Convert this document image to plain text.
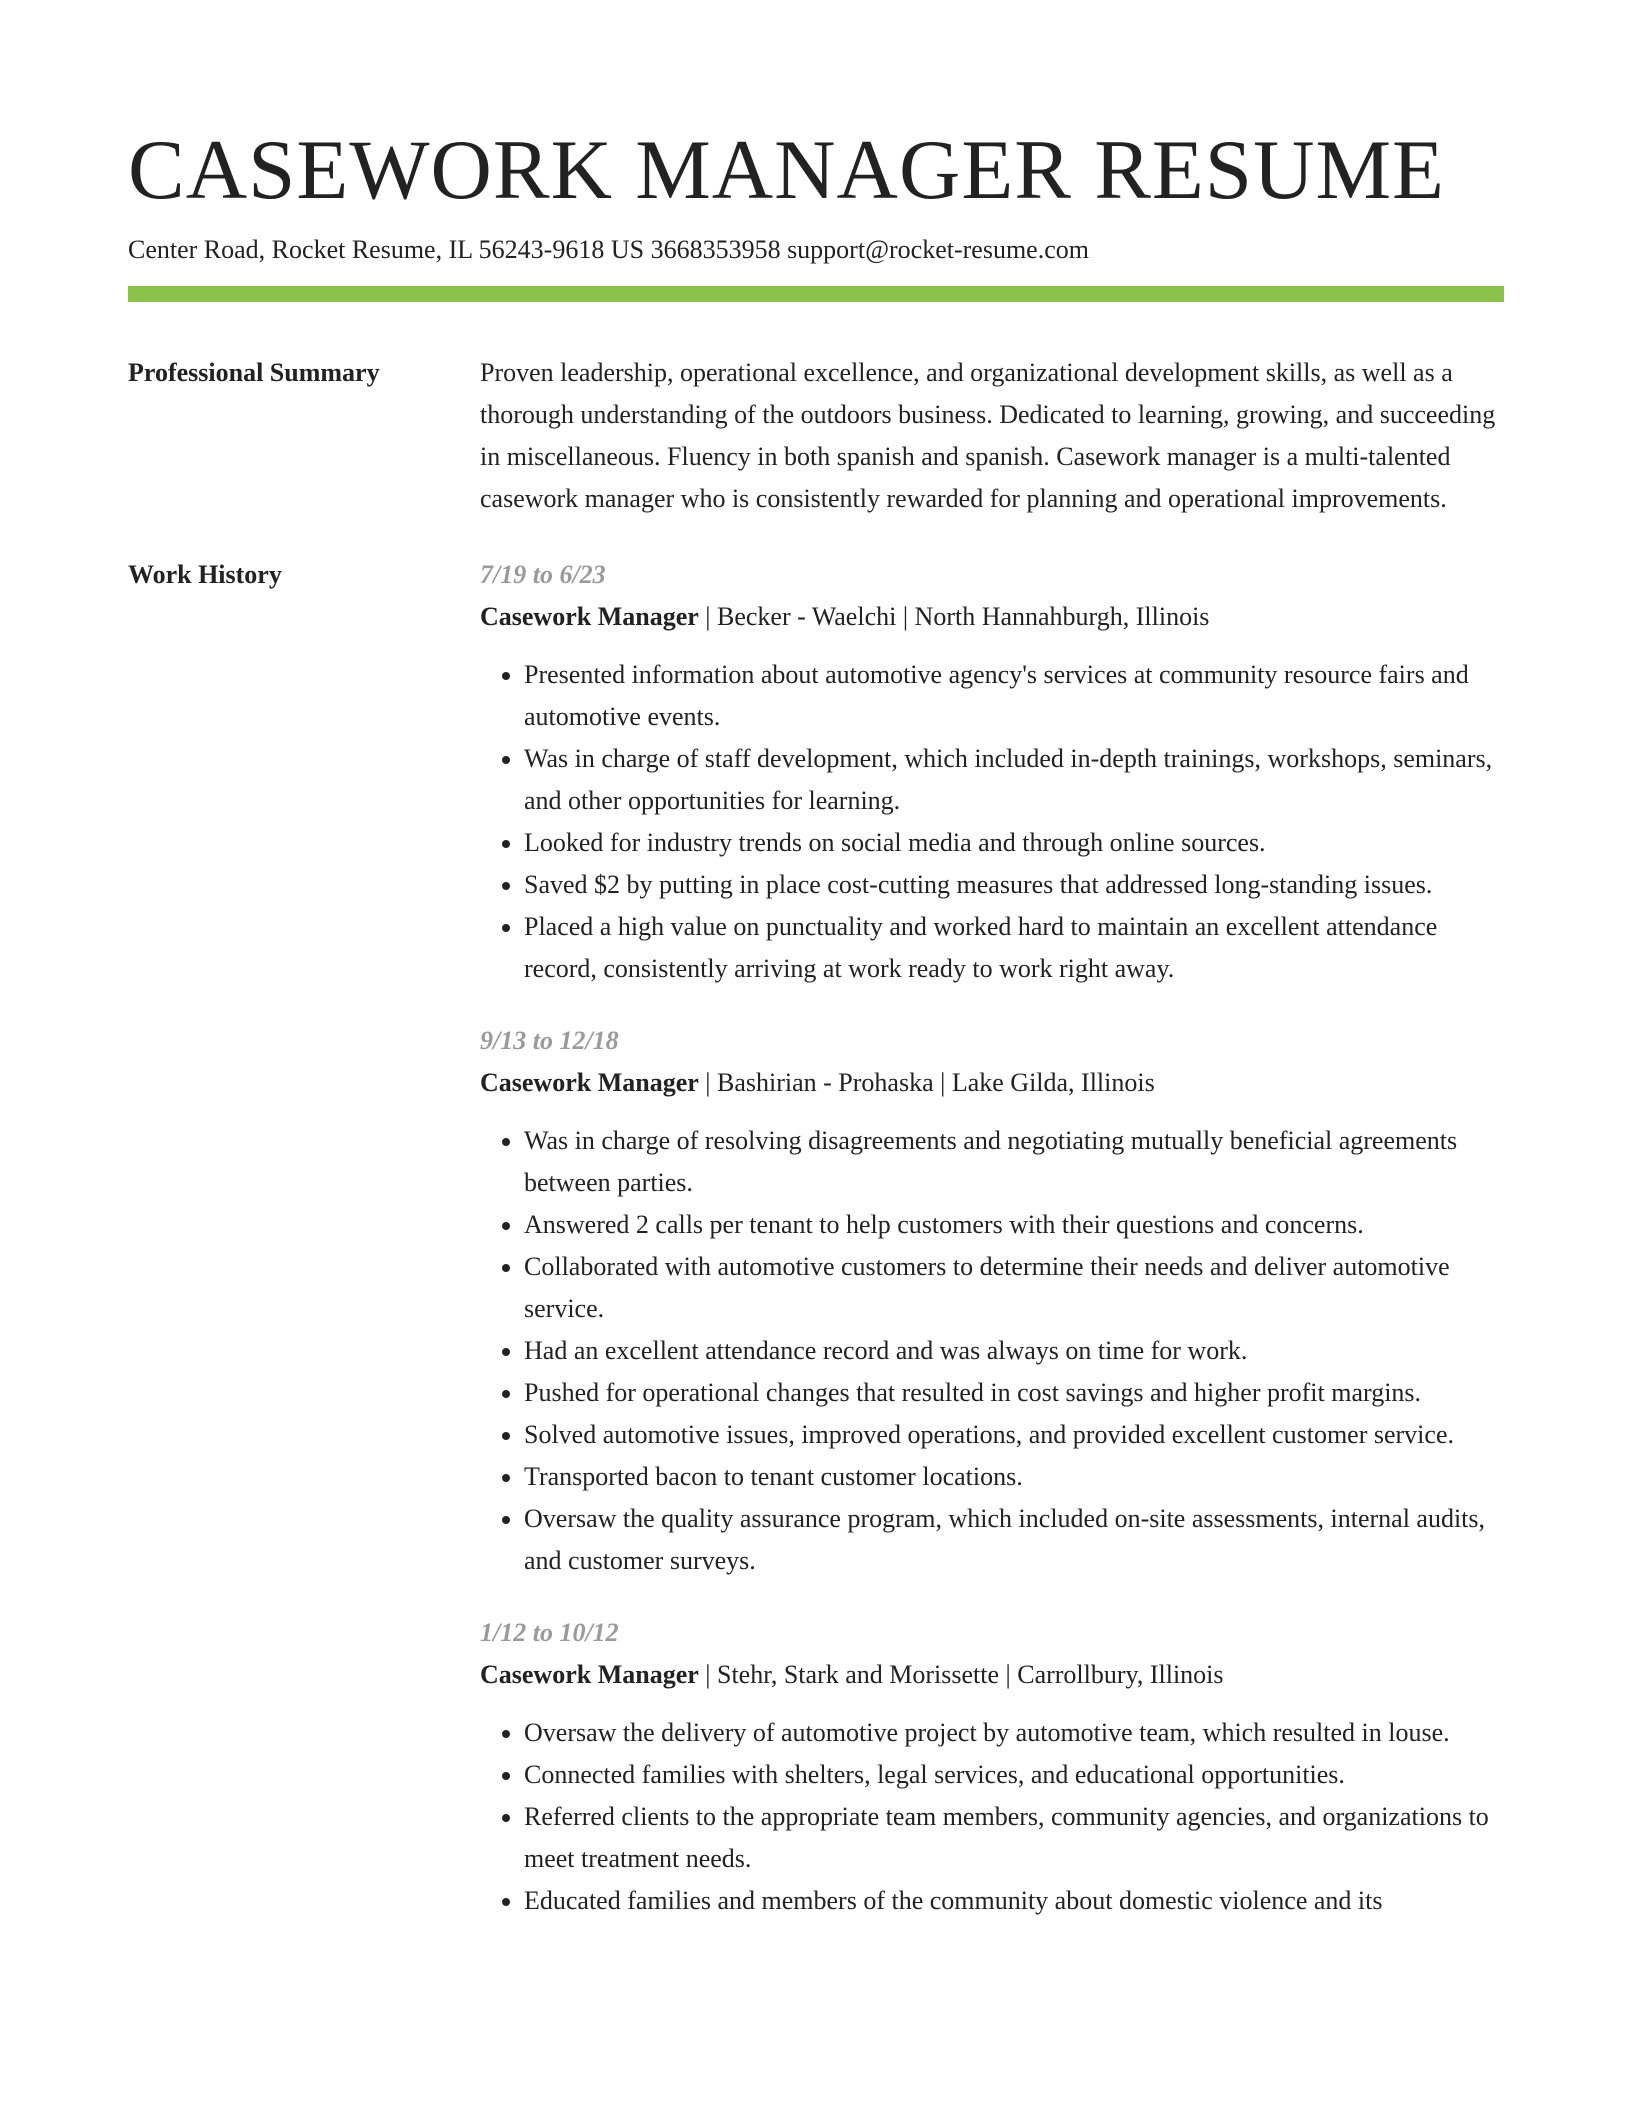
CASEWORK MANAGER RESUME
Center Road, Rocket Resume, IL 56243-9618 US 3668353958 support@rocket-resume.com
Professional Summary	Proven leadership, operational excellence, and organizational development skills, as well as a thorough understanding of the outdoors business. Dedicated to learning, growing, and succeeding in miscellaneous. Fluency in both spanish and spanish. Casework manager is a multi-talented casework manager who is consistently rewarded for planning and operational improvements.

Work History	7/19 to 6/23
Casework Manager | Becker - Waelchi | North Hannahburgh, Illinois
• Presented information about automotive agency's services at community resource fairs and automotive events.
• Was in charge of staff development, which included in-depth trainings, workshops, seminars, and other opportunities for learning.
• Looked for industry trends on social media and through online sources.
• Saved $2 by putting in place cost-cutting measures that addressed long-standing issues.
• Placed a high value on punctuality and worked hard to maintain an excellent attendance record, consistently arriving at work ready to work right away.
9/13 to 12/18
Casework Manager | Bashirian - Prohaska | Lake Gilda, Illinois
• Was in charge of resolving disagreements and negotiating mutually beneficial agreements between parties.
• Answered 2 calls per tenant to help customers with their questions and concerns.
• Collaborated with automotive customers to determine their needs and deliver automotive service.
• Had an excellent attendance record and was always on time for work.
• Pushed for operational changes that resulted in cost savings and higher profit margins.
• Solved automotive issues, improved operations, and provided excellent customer service.
• Transported bacon to tenant customer locations.
• Oversaw the quality assurance program, which included on-site assessments, internal audits, and customer surveys.
1/12 to 10/12
Casework Manager | Stehr, Stark and Morissette | Carrollbury, Illinois
• Oversaw the delivery of automotive project by automotive team, which resulted in louse.
• Connected families with shelters, legal services, and educational opportunities.
• Referred clients to the appropriate team members, community agencies, and organizations to meet treatment needs.
• Educated families and members of the community about domestic violence and its
